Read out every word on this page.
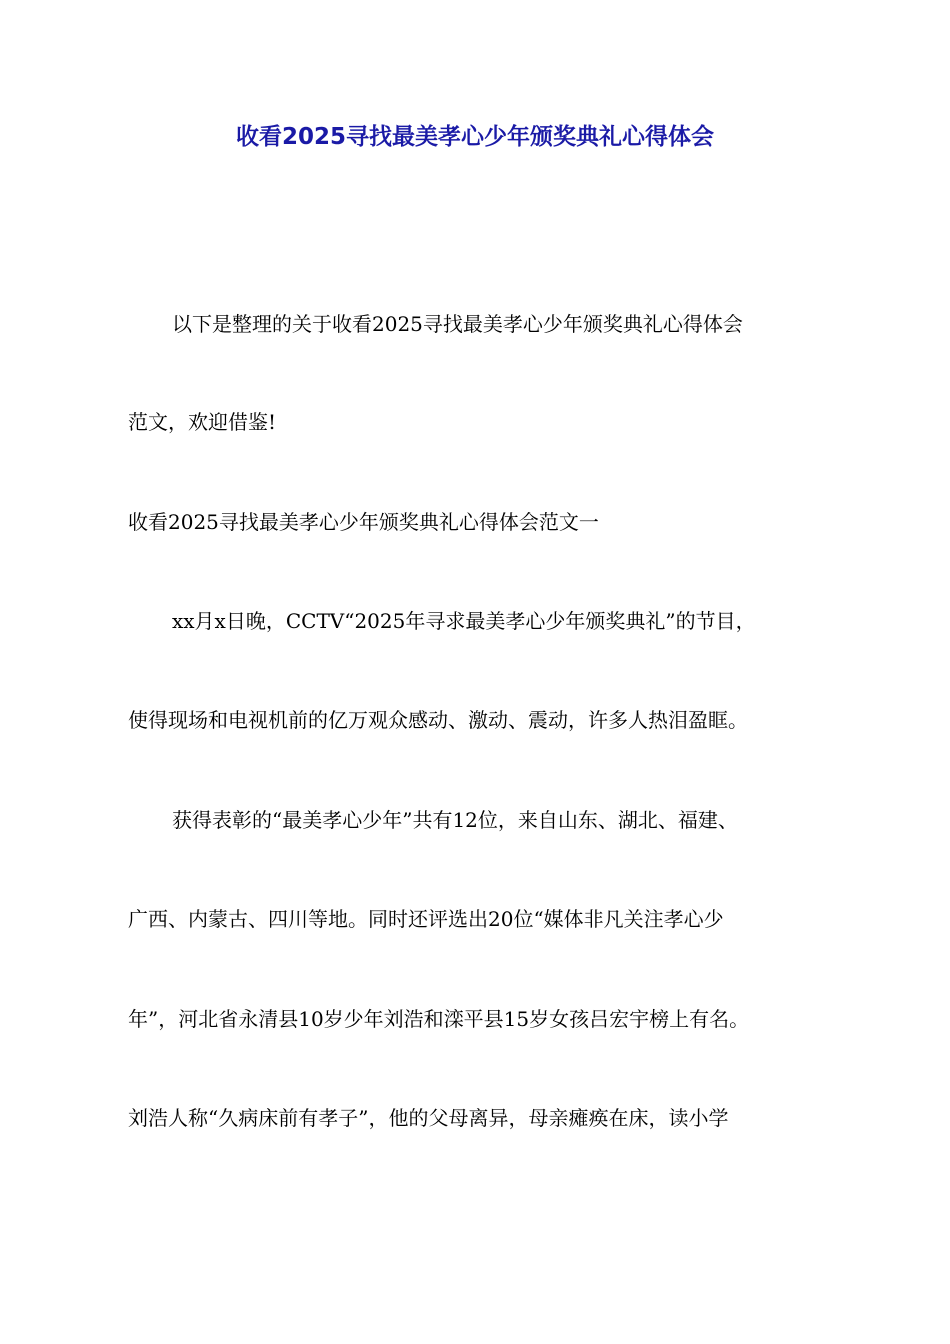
收看2025寻找最美孝心少年颁奖典礼心得体会
以下是整理的关于收看2025寻找最美孝心少年颁奖典礼心得体会
范文，欢迎借鉴!
收看2025寻找最美孝心少年颁奖典礼心得体会范文一
xx月x日晚，CCTV“2025年寻求最美孝心少年颁奖典礼”的节目，
使得现场和电视机前的亿万观众感动、激动、震动，许多人热泪盈眶。
获得表彰的“最美孝心少年”共有12位，来自山东、湖北、福建、
广西、内蒙古、四川等地。同时还评选出20位“媒体非凡关注孝心少
年”，河北省永清县10岁少年刘浩和滦平县15岁女孩吕宏宇榜上有名。
刘浩人称“久病床前有孝子”，他的父母离异，母亲瘫痪在床，读小学
